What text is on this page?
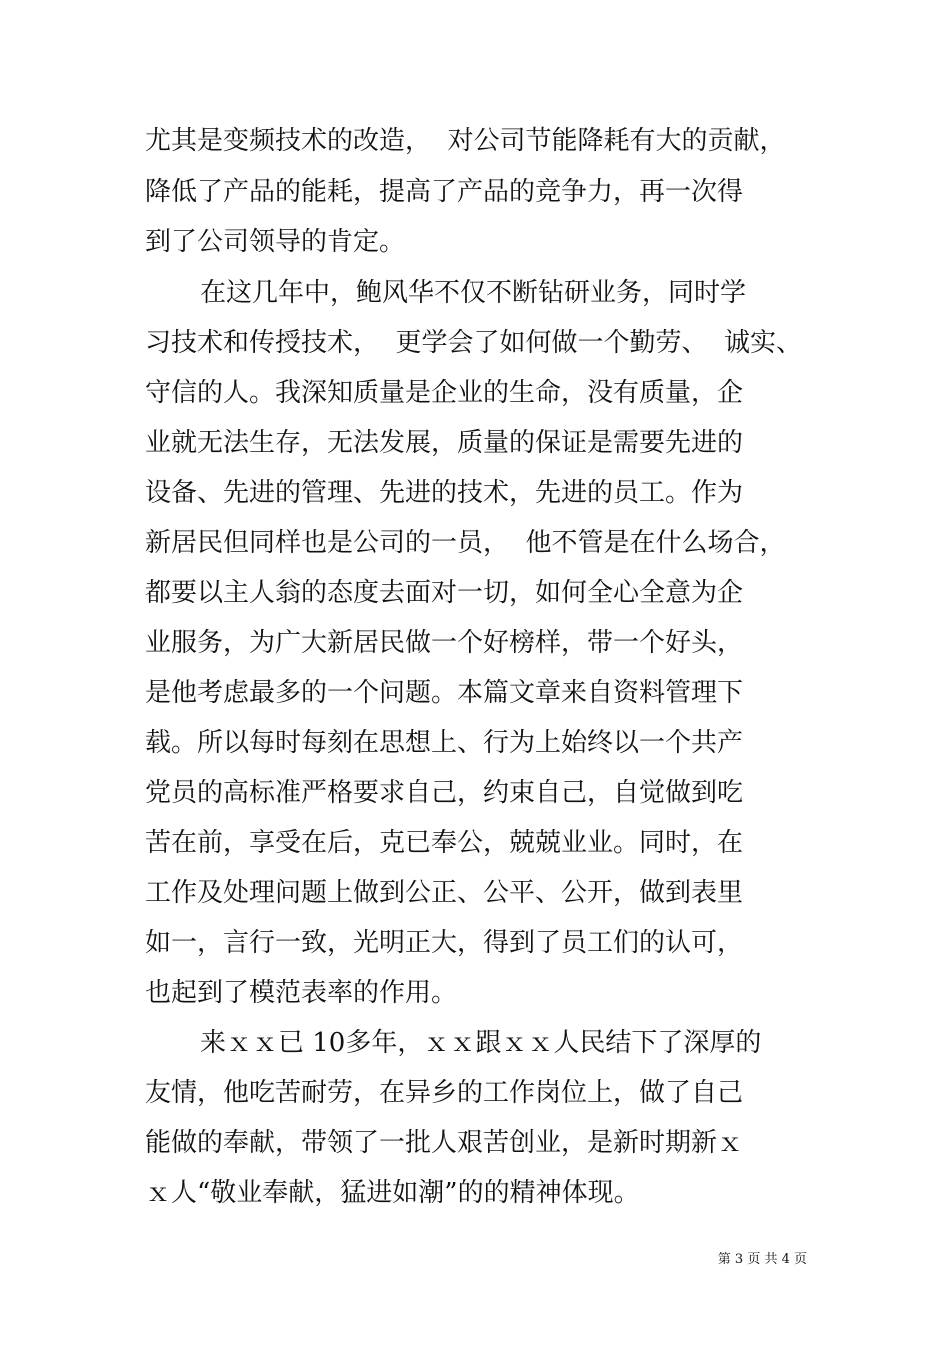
尤其是变频技术的改造，  对公司节能降耗有大的贡献，

降低了产品的能耗，提高了产品的竞争力，再一次得

到了公司领导的肯定。

在这几年中，鲍风华不仅不断钻研业务，同时学

习技术和传授技术，  更学会了如何做一个勤劳、  诚实、

守信的人。我深知质量是企业的生命，没有质量，企

业就无法生存，无法发展，质量的保证是需要先进的

设备、先进的管理、先进的技术，先进的员工。作为

新居民但同样也是公司的一员，  他不管是在什么场合，

都要以主人翁的态度去面对一切，如何全心全意为企

业服务，为广大新居民做一个好榜样，带一个好头，

是他考虑最多的一个问题。本篇文章来自资料管理下

载。所以每时每刻在思想上、行为上始终以一个共产

党员的高标准严格要求自己，约束自己，自觉做到吃

苦在前，享受在后，克已奉公，兢兢业业。同时，在

工作及处理问题上做到公正、公平、公开，做到表里

如一，言行一致，光明正大，得到了员工们的认可，

也起到了模范表率的作用。

来ｘｘ已 10多年，ｘｘ跟ｘｘ人民结下了深厚的

友情，他吃苦耐劳，在异乡的工作岗位上，做了自己

能做的奉献，带领了一批人艰苦创业，是新时期新ｘ

ｘ人“敬业奉献，猛进如潮”的的精神体现。

第 3 页 共 4 页
